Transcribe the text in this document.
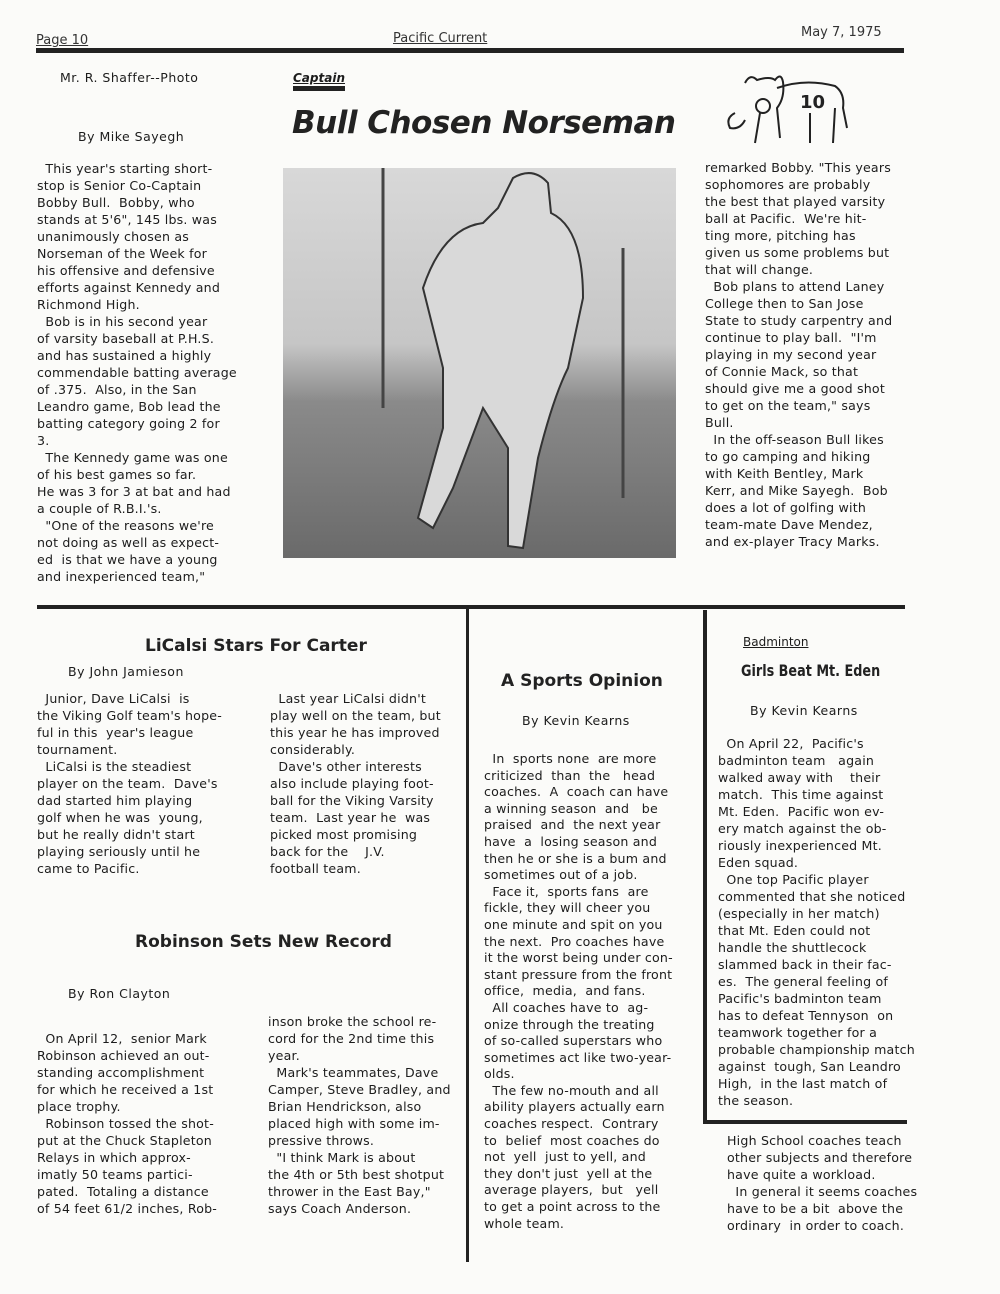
Page 10	Pacific Current	May 7, 1975
Mr. R. Shaffer--Photo	Captain
Bull Chosen Norseman
By Mike Sayegh
10
This year's starting short-
stop is Senior Co-Captain
Bobby Bull.  Bobby, who
stands at 5'6", 145 lbs. was
unanimously chosen as
Norseman of the Week for
his offensive and defensive
efforts against Kennedy and
Richmond High.
Bob is in his second year
of varsity baseball at P.H.S.
and has sustained a highly
commendable batting average
of .375.  Also, in the San
Leandro game, Bob lead the
batting category going 2 for
3.
The Kennedy game was one
of his best games so far.
He was 3 for 3 at bat and had
a couple of R.B.I.'s.
"One of the reasons we're
not doing as well as expect-
ed  is that we have a young
and inexperienced team,"
remarked Bobby. "This years
sophomores are probably
the best that played varsity
ball at Pacific.  We're hit-
ting more, pitching has
given us some problems but
that will change.
Bob plans to attend Laney
College then to San Jose
State to study carpentry and
continue to play ball.  "I'm
playing in my second year
of Connie Mack, so that
should give me a good shot
to get on the team," says
Bull.
In the off-season Bull likes
to go camping and hiking
with Keith Bentley, Mark
Kerr, and Mike Sayegh.  Bob
does a lot of golfing with
team-mate Dave Mendez,
and ex-player Tracy Marks.
LiCalsi Stars For Carter
By John Jamieson
Junior, Dave LiCalsi  is
the Viking Golf team's hope-
ful in this  year's league
tournament.
LiCalsi is the steadiest
player on the team.  Dave's
dad started him playing
golf when he was  young,
but he really didn't start
playing seriously until he
came to Pacific.
Last year LiCalsi didn't
play well on the team, but
this year he has improved
considerably.
Dave's other interests
also include playing foot-
ball for the Viking Varsity
team.  Last year he  was
picked most promising
back for the    J.V.
football team.
Robinson Sets New Record
By Ron Clayton
On April 12,  senior Mark
Robinson achieved an out-
standing accomplishment
for which he received a 1st
place trophy.
Robinson tossed the shot-
put at the Chuck Stapleton
Relays in which approx-
imatly 50 teams partici-
pated.  Totaling a distance
of 54 feet 61/2 inches, Rob-
inson broke the school re-
cord for the 2nd time this
year.
Mark's teammates, Dave
Camper, Steve Bradley, and
Brian Hendrickson, also
placed high with some im-
pressive throws.
"I think Mark is about
the 4th or 5th best shotput
thrower in the East Bay,"
says Coach Anderson.
A Sports Opinion
By Kevin Kearns
In  sports none  are more
criticized  than  the   head
coaches.  A  coach can have
a winning season  and   be
praised  and  the next year
have  a  losing season and
then he or she is a bum and
sometimes out of a job.
Face it,  sports fans  are
fickle, they will cheer you
one minute and spit on you
the next.  Pro coaches have
it the worst being under con-
stant pressure from the front
office,  media,  and fans.
All coaches have to  ag-
onize through the treating
of so-called superstars who
sometimes act like two-year-
olds.
The few no-mouth and all
ability players actually earn
coaches respect.  Contrary
to  belief  most coaches do
not  yell  just to yell, and
they don't just  yell at the
average players,  but   yell
to get a point across to the
whole team.
Badminton
Girls Beat Mt. Eden
By Kevin Kearns
On April 22,  Pacific's
badminton team   again
walked away with    their
match.  This time against
Mt. Eden.  Pacific won ev-
ery match against the ob-
riously inexperienced Mt.
Eden squad.
One top Pacific player
commented that she noticed
(especially in her match)
that Mt. Eden could not
handle the shuttlecock
slammed back in their fac-
es.  The general feeling of
Pacific's badminton team
has to defeat Tennyson  on
teamwork together for a
probable championship match
against  tough, San Leandro
High,  in the last match of
the season.
High School coaches teach
other subjects and therefore
have quite a workload.
In general it seems coaches
have to be a bit  above the
ordinary  in order to coach.
